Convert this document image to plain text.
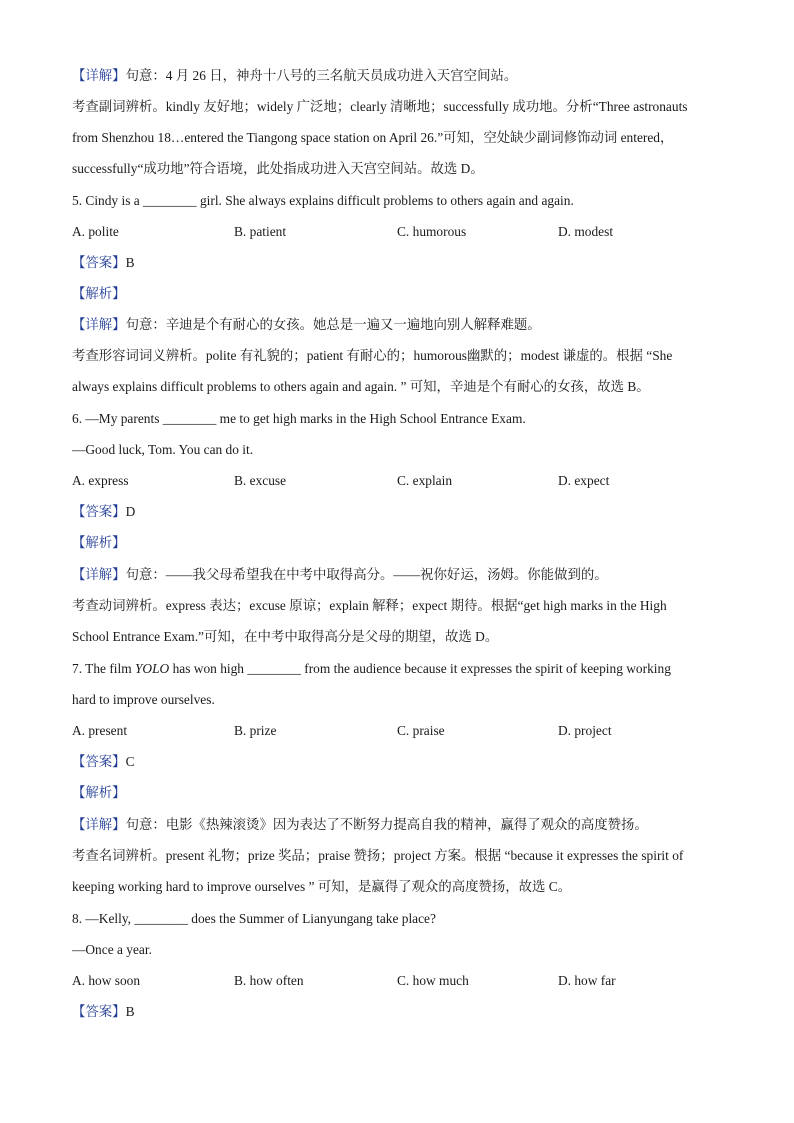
【详解】句意：4 月 26 日，神舟十八号的三名航天员成功进入天宫空间站。
考查副词辨析。kindly 友好地；widely 广泛地；clearly 清晰地；successfully 成功地。分析“Three astronauts
from Shenzhou 18…entered the Tiangong space station on April 26.”可知，空处缺少副词修饰动词 entered，
successfully“成功地”符合语境，此处指成功进入天宫空间站。故选 D。
5. Cindy is a ________ girl. She always explains difficult problems to others again and again.
A. polite	B. patient	C. humorous	D. modest
【答案】B
【解析】
【详解】句意：辛迪是个有耐心的女孩。她总是一遍又一遍地向别人解释难题。
考查形容词词义辨析。polite 有礼貌的；patient 有耐心的；humorous幽默的；modest 谦虚的。根据 “She
always explains difficult problems to others again and again. ” 可知，辛迪是个有耐心的女孩，故选 B。
6. —My parents ________ me to get high marks in the High School Entrance Exam.
—Good luck, Tom. You can do it.
A. express	B. excuse	C. explain	D. expect
【答案】D
【解析】
【详解】句意：——我父母希望我在中考中取得高分。——祝你好运，汤姆。你能做到的。
考查动词辨析。express 表达；excuse 原谅；explain 解释；expect 期待。根据“get high marks in the High
School Entrance Exam.”可知，在中考中取得高分是父母的期望，故选 D。
7. The film YOLO has won high ________ from the audience because it expresses the spirit of keeping working
hard to improve ourselves.
A. present	B. prize	C. praise	D. project
【答案】C
【解析】
【详解】句意：电影《热辣滚烫》因为表达了不断努力提高自我的精神，赢得了观众的高度赞扬。
考查名词辨析。present 礼物；prize 奖品；praise 赞扬；project 方案。根据 “because it expresses the spirit of
keeping working hard to improve ourselves ” 可知，是赢得了观众的高度赞扬，故选 C。
8. —Kelly, ________ does the Summer of Lianyungang take place?
—Once a year.
A. how soon	B. how often	C. how much	D. how far
【答案】B
